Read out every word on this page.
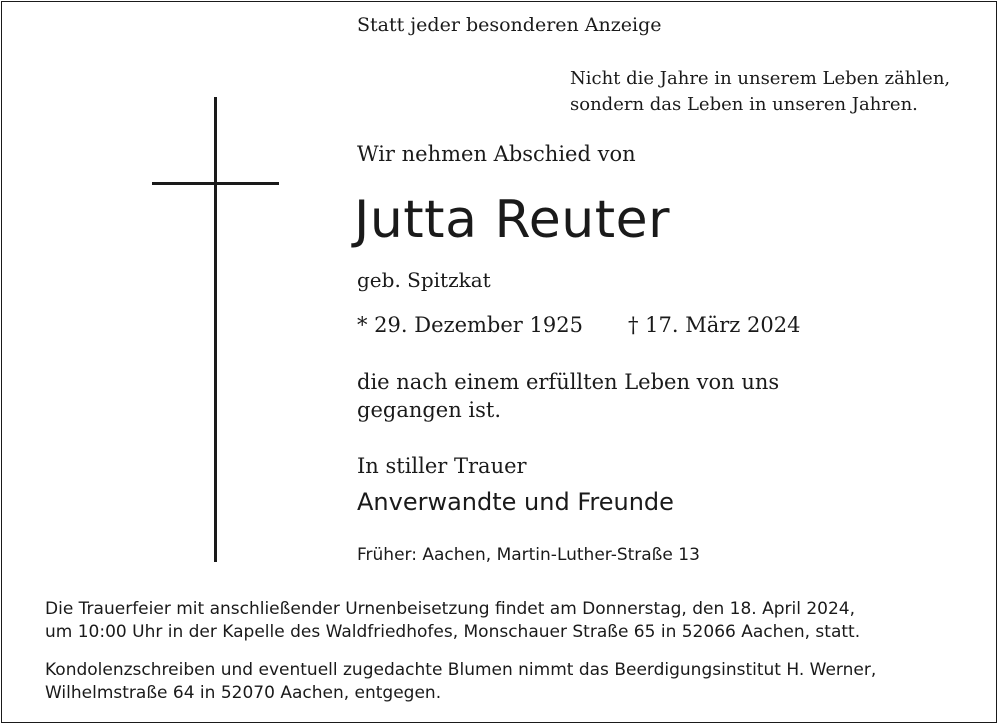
Statt jeder besonderen Anzeige
Nicht die Jahre in unserem Leben zählen,
sondern das Leben in unseren Jahren.
Wir nehmen Abschied von
Jutta Reuter
geb. Spitzkat
* 29. Dezember 1925 † 17. März 2024
die nach einem erfüllten Leben von uns
gegangen ist.
In stiller Trauer
Anverwandte und Freunde
Früher: Aachen, Martin-Luther-Straße 13
Die Trauerfeier mit anschließender Urnenbeisetzung findet am Donnerstag, den 18. April 2024,
um 10:00 Uhr in der Kapelle des Waldfriedhofes, Monschauer Straße 65 in 52066 Aachen, statt.
Kondolenzschreiben und eventuell zugedachte Blumen nimmt das Beerdigungsinstitut H. Werner,
Wilhelmstraße 64 in 52070 Aachen, entgegen.
